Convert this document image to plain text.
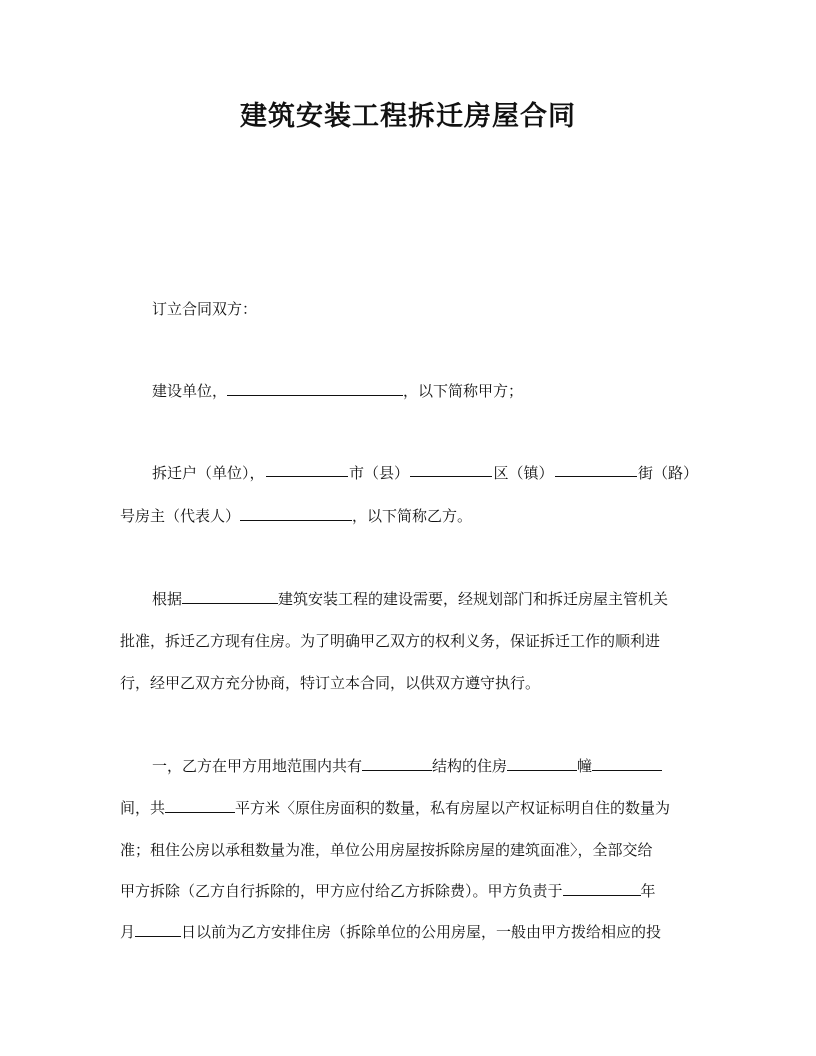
建筑安装工程拆迁房屋合同
订立合同双方：
建设单位，	，以下简称甲方；
拆迁户（单位），	市（县）	区（镇）	街（路）
号房主（代表人）	，以下简称乙方。
根据	建筑安装工程的建设需要，经规划部门和拆迁房屋主管机关
批准，拆迁乙方现有住房。为了明确甲乙双方的权利义务，保证拆迁工作的顺利进
行，经甲乙双方充分协商，特订立本合同，以供双方遵守执行。
一，乙方在甲方用地范围内共有	结构的住房	幢
间，共	平方米〈原住房面积的数量，私有房屋以产权证标明自住的数量为
准；租住公房以承租数量为准，单位公用房屋按拆除房屋的建筑面准〉，全部交给
甲方拆除（乙方自行拆除的，甲方应付给乙方拆除费）。甲方负责于	年
月	日以前为乙方安排住房（拆除单位的公用房屋，一般由甲方拨给相应的投
